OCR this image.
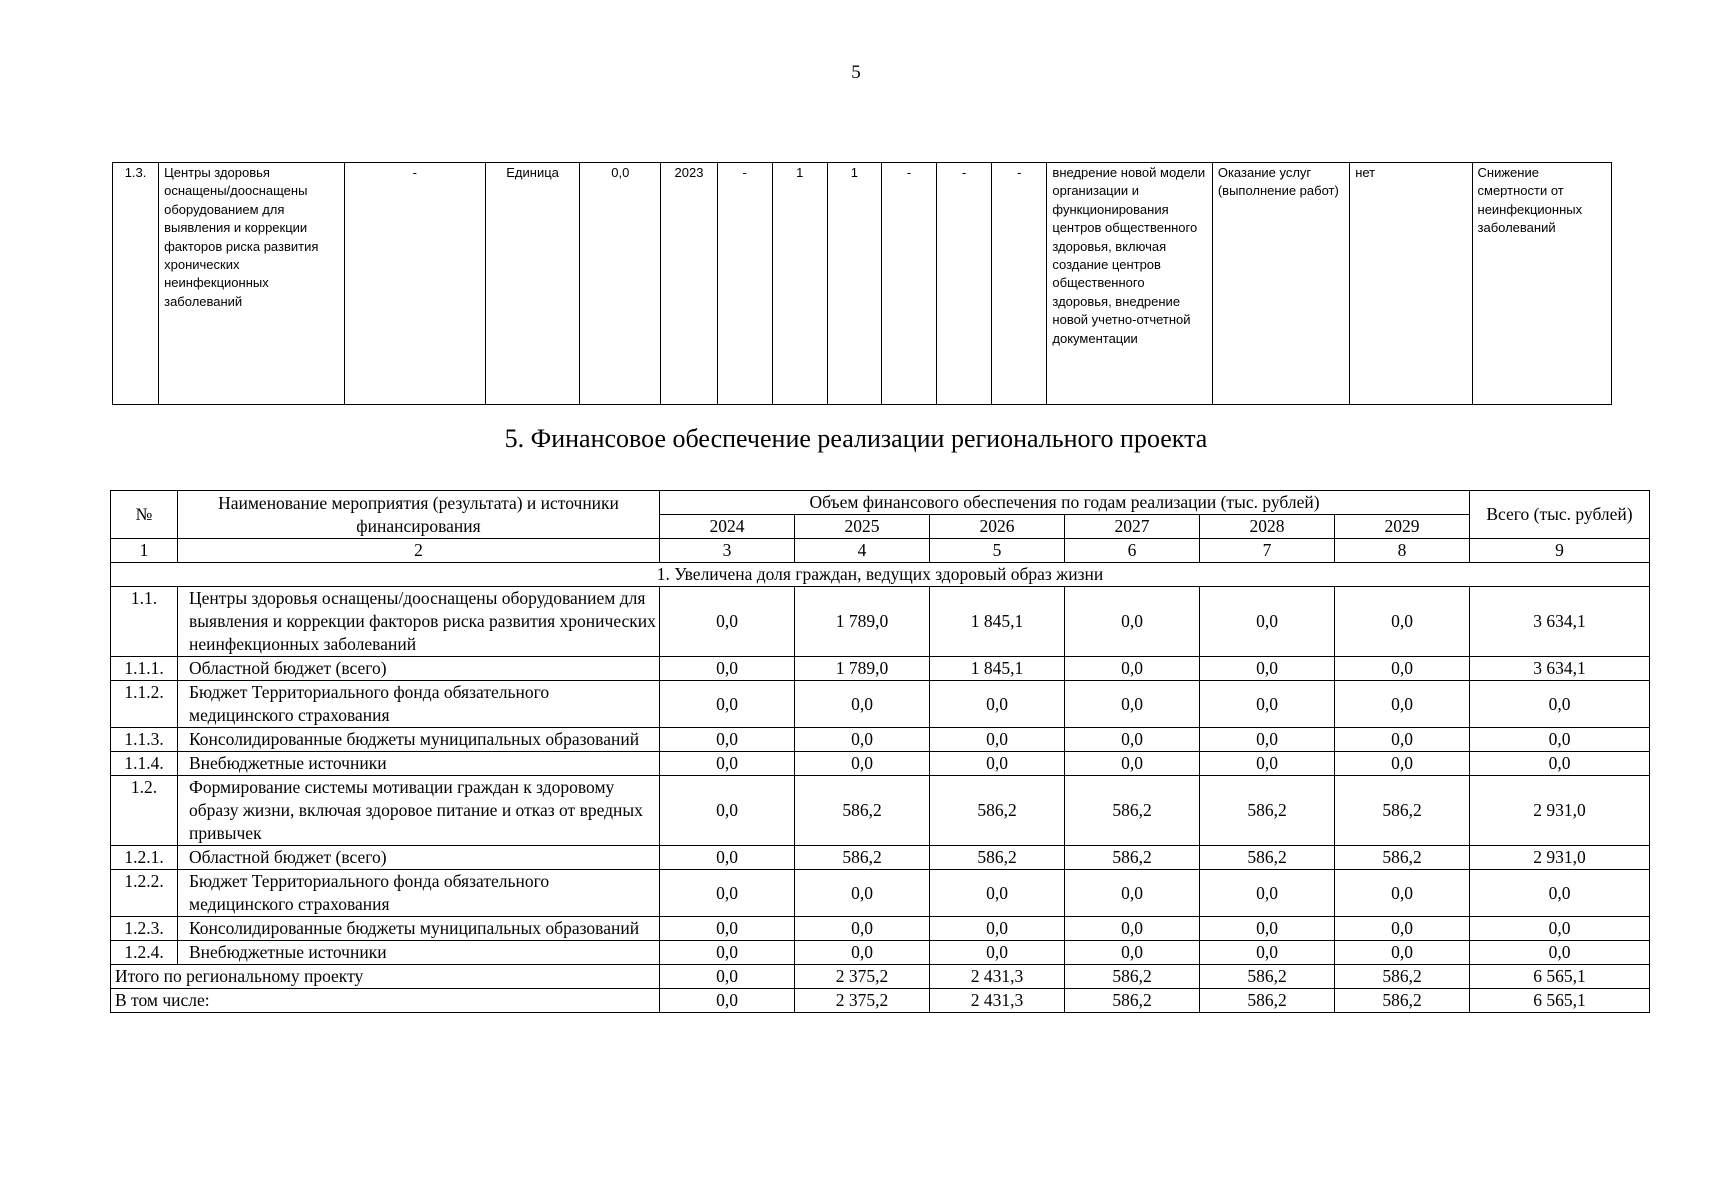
5
1.3.	Центры здоровья оснащены/дооснащены оборудованием для выявления и коррекции факторов риска развития хронических неинфекционных заболеваний	-	Единица	0,0	2023	-	1	1	-	-	-	внедрение новой модели организации и функционирования центров общественного здоровья, включая создание центров общественного здоровья, внедрение новой учетно-отчетной документации	Оказание услуг (выполнение работ)	нет	Снижение смертности от неинфекционных заболеваний
5. Финансовое обеспечение реализации регионального проекта
№	Наименование мероприятия (результата) и источники финансирования	Объем финансового обеспечения по годам реализации (тыс. рублей)						Всего (тыс. рублей)
		2024	2025	2026	2027	2028	2029	
1	2	3	4	5	6	7	8	9
1. Увеличена доля граждан, ведущих здоровый образ жизни								
1.1.	Центры здоровья оснащены/дооснащены оборудованием для выявления и коррекции факторов риска развития хронических неинфекционных заболеваний	0,0	1 789,0	1 845,1	0,0	0,0	0,0	3 634,1
1.1.1.	Областной бюджет (всего)	0,0	1 789,0	1 845,1	0,0	0,0	0,0	3 634,1
1.1.2.	Бюджет Территориального фонда обязательного медицинского страхования	0,0	0,0	0,0	0,0	0,0	0,0	0,0
1.1.3.	Консолидированные бюджеты муниципальных образований	0,0	0,0	0,0	0,0	0,0	0,0	0,0
1.1.4.	Внебюджетные источники	0,0	0,0	0,0	0,0	0,0	0,0	0,0
1.2.	Формирование системы мотивации граждан к здоровому образу жизни, включая здоровое питание и отказ от вредных привычек	0,0	586,2	586,2	586,2	586,2	586,2	2 931,0
1.2.1.	Областной бюджет (всего)	0,0	586,2	586,2	586,2	586,2	586,2	2 931,0
1.2.2.	Бюджет Территориального фонда обязательного медицинского страхования	0,0	0,0	0,0	0,0	0,0	0,0	0,0
1.2.3.	Консолидированные бюджеты муниципальных образований	0,0	0,0	0,0	0,0	0,0	0,0	0,0
1.2.4.	Внебюджетные источники	0,0	0,0	0,0	0,0	0,0	0,0	0,0
Итого по региональному проекту		0,0	2 375,2	2 431,3	586,2	586,2	586,2	6 565,1
В том числе:		0,0	2 375,2	2 431,3	586,2	586,2	586,2	6 565,1
